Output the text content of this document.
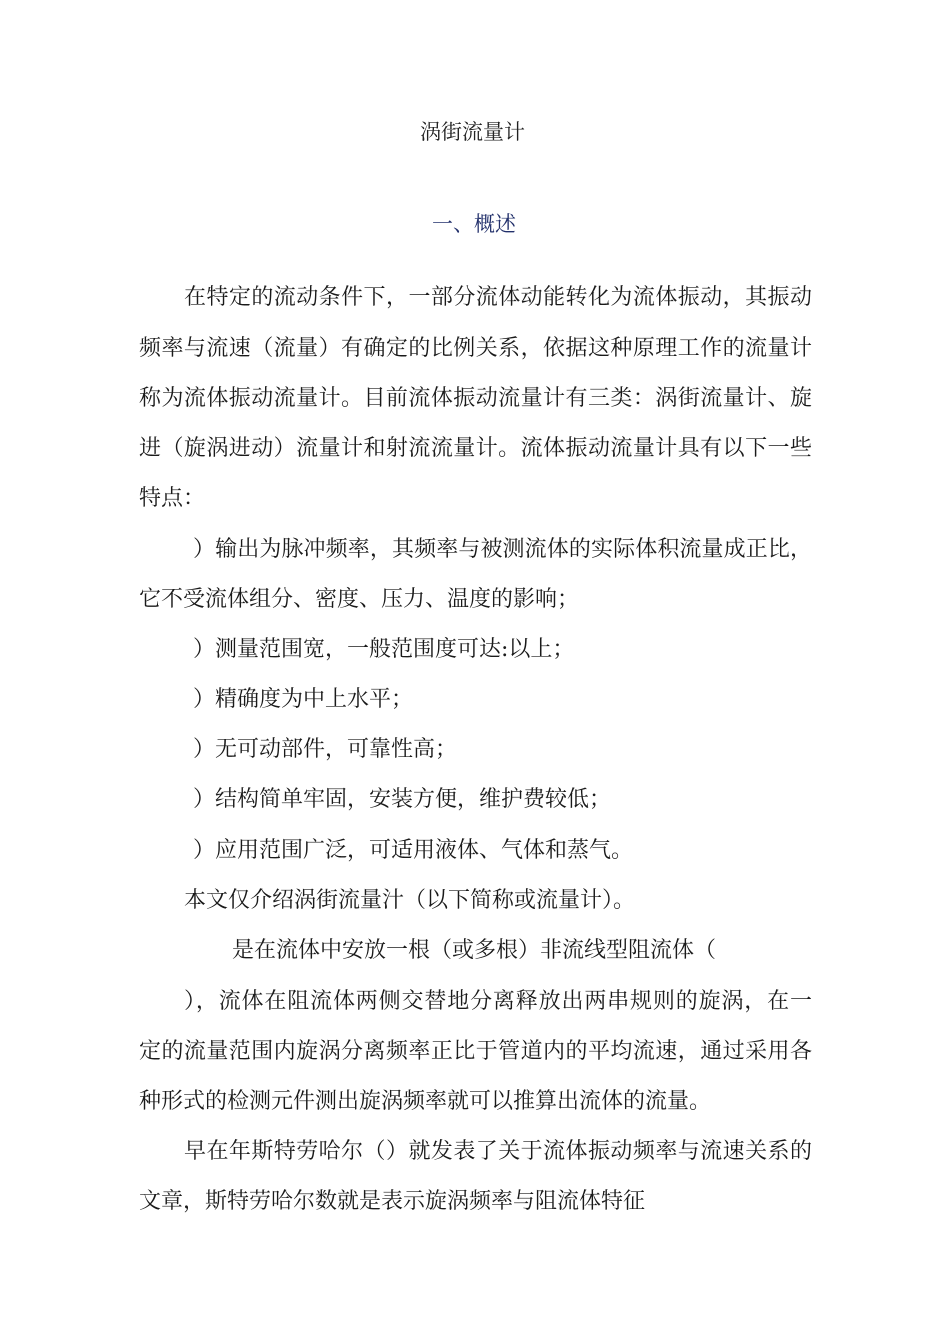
涡街流量计
一、概述
在特定的流动条件下，一部分流体动能转化为流体振动，其振动
频率与流速（流量）有确定的比例关系，依据这种原理工作的流量计
称为流体振动流量计。目前流体振动流量计有三类：涡街流量计、旋
进（旋涡进动）流量计和射流流量计。流体振动流量计具有以下一些
特点：
）输出为脉冲频率，其频率与被测流体的实际体积流量成正比，
它不受流体组分、密度、压力、温度的影响；
）测量范围宽，一般范围度可达:以上；
）精确度为中上水平；
）无可动部件，可靠性高；
）结构简单牢固，安装方便，维护费较低；
）应用范围广泛，可适用液体、气体和蒸气。
本文仅介绍涡街流量汁（以下简称或流量计）。
是在流体中安放一根（或多根）非流线型阻流体（
），流体在阻流体两侧交替地分离释放出两串规则的旋涡，在一
定的流量范围内旋涡分离频率正比于管道内的平均流速，通过采用各
种形式的检测元件测出旋涡频率就可以推算出流体的流量。
早在年斯特劳哈尔（）就发表了关于流体振动频率与流速关系的
文章，斯特劳哈尔数就是表示旋涡频率与阻流体特征
